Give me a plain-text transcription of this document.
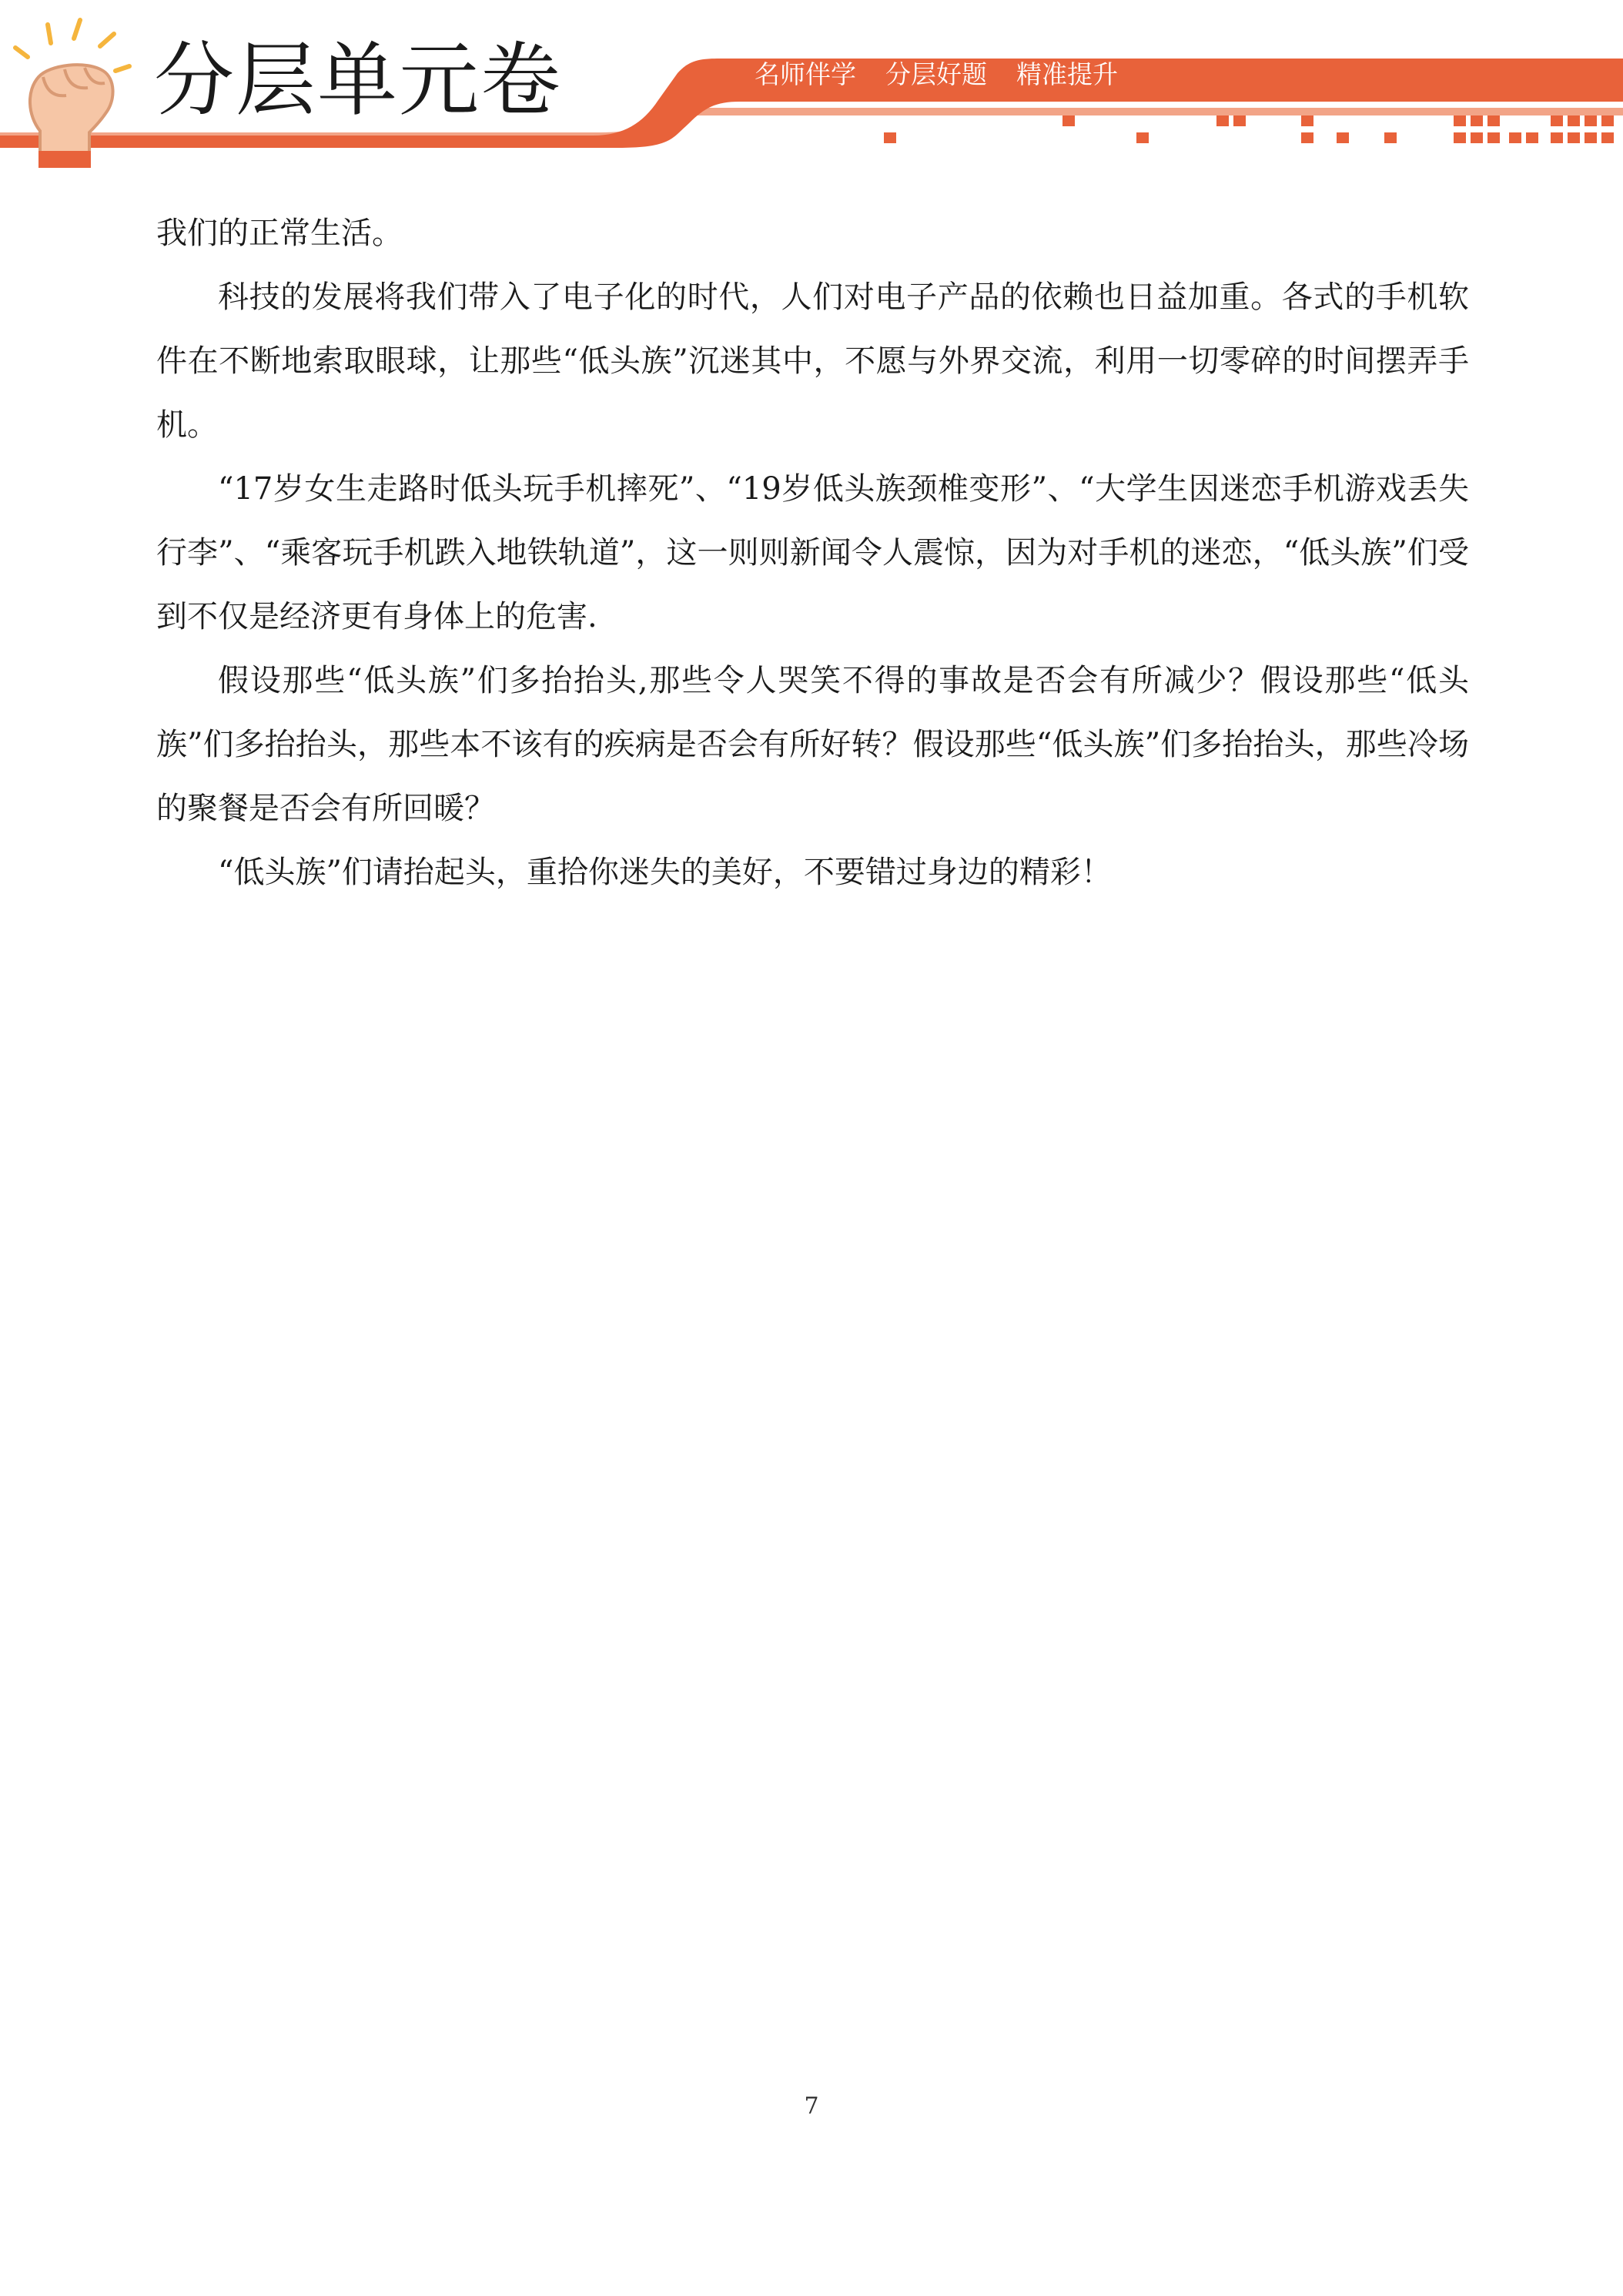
分层单元卷	名师伴学 分层好题 精准提升

我们的正常生活。

科技的发展将我们带入了电子化的时代，人们对电子产品的依赖也日益加重。各式的手机软件在不断地索取眼球，让那些“低头族”沉迷其中，不愿与外界交流，利用一切零碎的时间摆弄手机。

“17岁女生走路时低头玩手机摔死”、“19岁低头族颈椎变形”、“大学生因迷恋手机游戏丢失行李”、“乘客玩手机跌入地铁轨道”，这一则则新闻令人震惊，因为对手机的迷恋，“低头族”们受到不仅是经济更有身体上的危害.

假设那些“低头族”们多抬抬头,那些令人哭笑不得的事故是否会有所减少？假设那些“低头族”们多抬抬头，那些本不该有的疾病是否会有所好转？假设那些“低头族”们多抬抬头，那些冷场的聚餐是否会有所回暖？

“低头族”们请抬起头，重拾你迷失的美好，不要错过身边的精彩！

7
